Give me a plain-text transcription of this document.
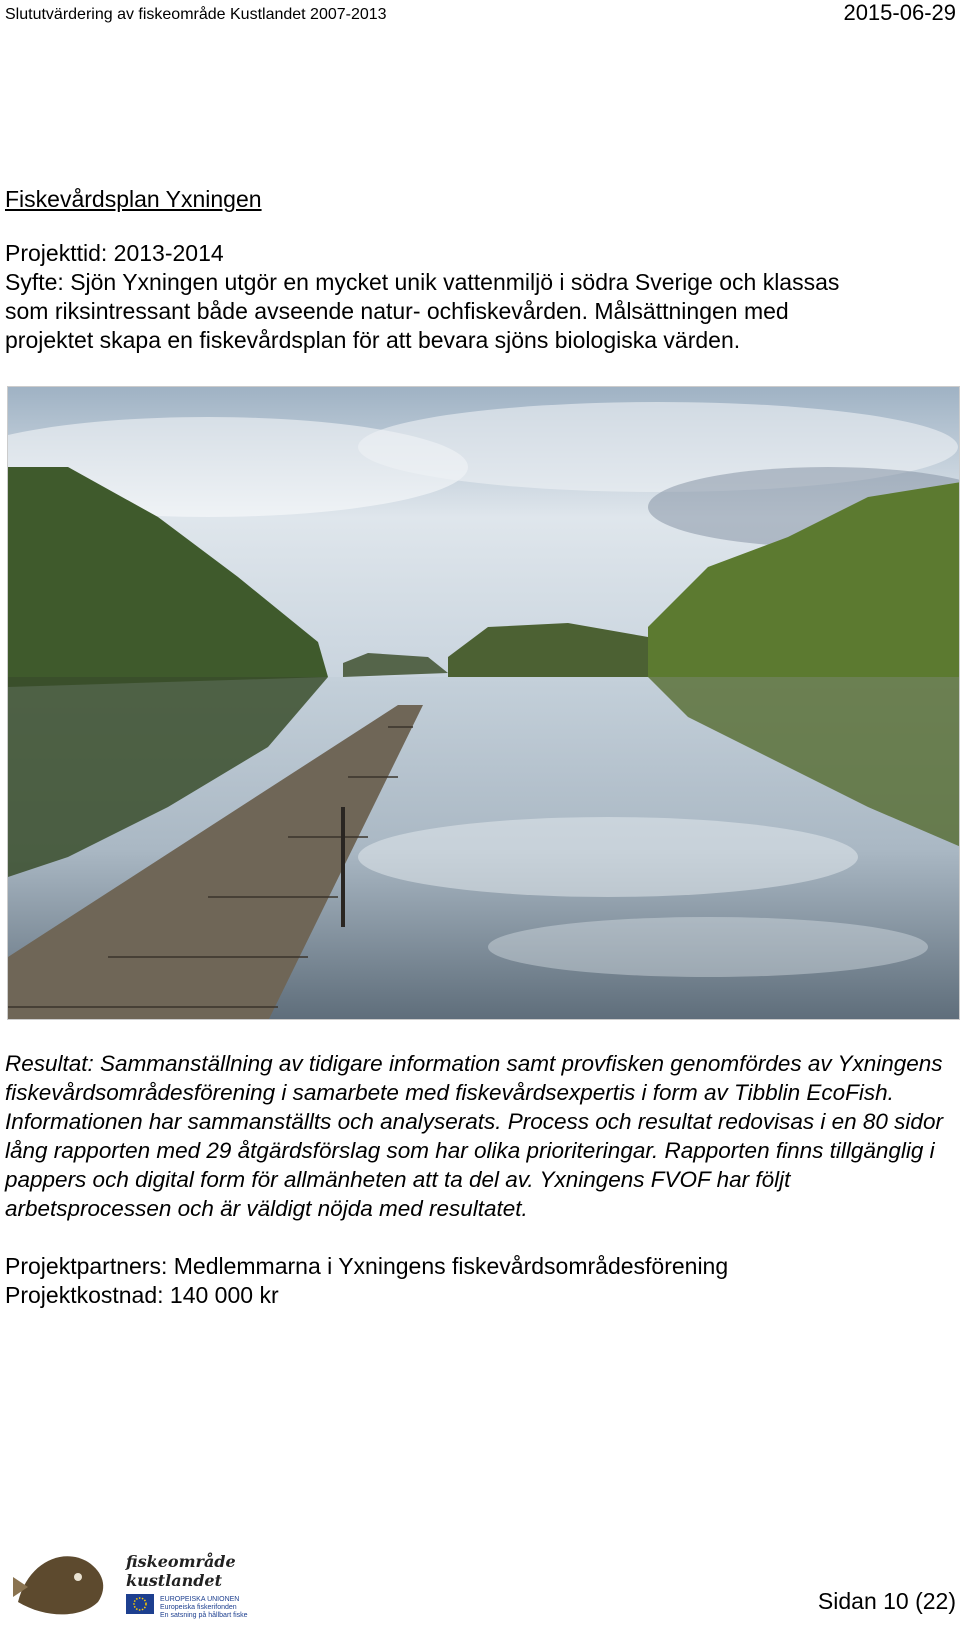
Slututvärdering av fiskeområde Kustlandet 2007-2013	2015-06-29
Fiskevårdsplan Yxningen

Projekttid: 2013-2014

Syfte: Sjön Yxningen utgör en mycket unik vattenmiljö i södra Sverige och klassas

som riksintressant både avseende natur- ochfiskevården. Målsättningen med

projektet skapa en fiskevårdsplan för att bevara sjöns biologiska värden.

Resultat: Sammanställning av tidigare information samt provfisken genomfördes av Yxningens fiskevårdsområdesförening i samarbete med fiskevårdsexpertis i form av Tibblin EcoFish. Informationen har sammanställts och analyserats. Process och resultat redovisas i en 80 sidor lång rapporten med 29 åtgärdsförslag som har olika prioriteringar. Rapporten finns tillgänglig i pappers och digital form för allmänheten att ta del av. Yxningens FVOF har följt arbetsprocessen och är väldigt nöjda med resultatet.

Projektpartners: Medlemmarna i Yxningens fiskevårdsområdesförening

Projektkostnad: 140 000 kr

fiskeområde kustlandet
EUROPEISKA UNIONEN
Europeiska fiskerifonden
En satsning på hållbart fiske
Sidan 10 (22)
